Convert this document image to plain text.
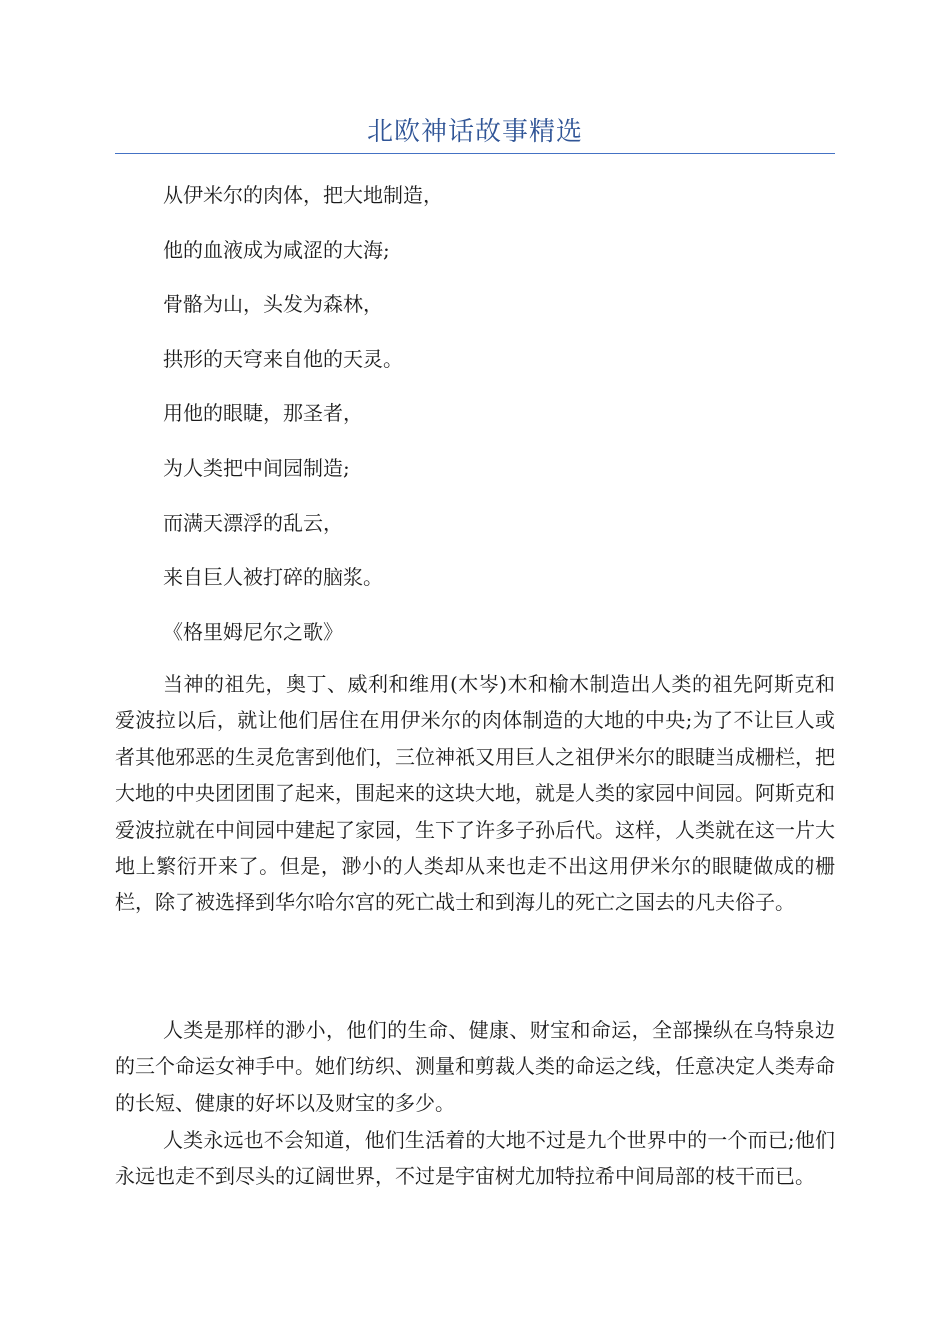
北欧神话故事精选
从伊米尔的肉体，把大地制造，
他的血液成为咸涩的大海;
骨骼为山，头发为森林，
拱形的天穹来自他的天灵。
用他的眼睫，那圣者，
为人类把中间园制造;
而满天漂浮的乱云，
来自巨人被打碎的脑浆。
《格里姆尼尔之歌》

当神的祖先，奥丁、威利和维用(木岑)木和榆木制造出人类的祖先阿斯克和爱波拉以后，就让他们居住在用伊米尔的肉体制造的大地的中央;为了不让巨人或者其他邪恶的生灵危害到他们，三位神祇又用巨人之祖伊米尔的眼睫当成栅栏，把大地的中央团团围了起来，围起来的这块大地，就是人类的家园中间园。阿斯克和爱波拉就在中间园中建起了家园，生下了许多子孙后代。这样，人类就在这一片大地上繁衍开来了。但是，渺小的人类却从来也走不出这用伊米尔的眼睫做成的栅栏，除了被选择到华尔哈尔宫的死亡战士和到海儿的死亡之国去的凡夫俗子。

人类是那样的渺小，他们的生命、健康、财宝和命运，全部操纵在乌特泉边的三个命运女神手中。她们纺织、测量和剪裁人类的命运之线，任意决定人类寿命的长短、健康的好坏以及财宝的多少。

人类永远也不会知道，他们生活着的大地不过是九个世界中的一个而已;他们永远也走不到尽头的辽阔世界，不过是宇宙树尤加特拉希中间局部的枝干而已。
